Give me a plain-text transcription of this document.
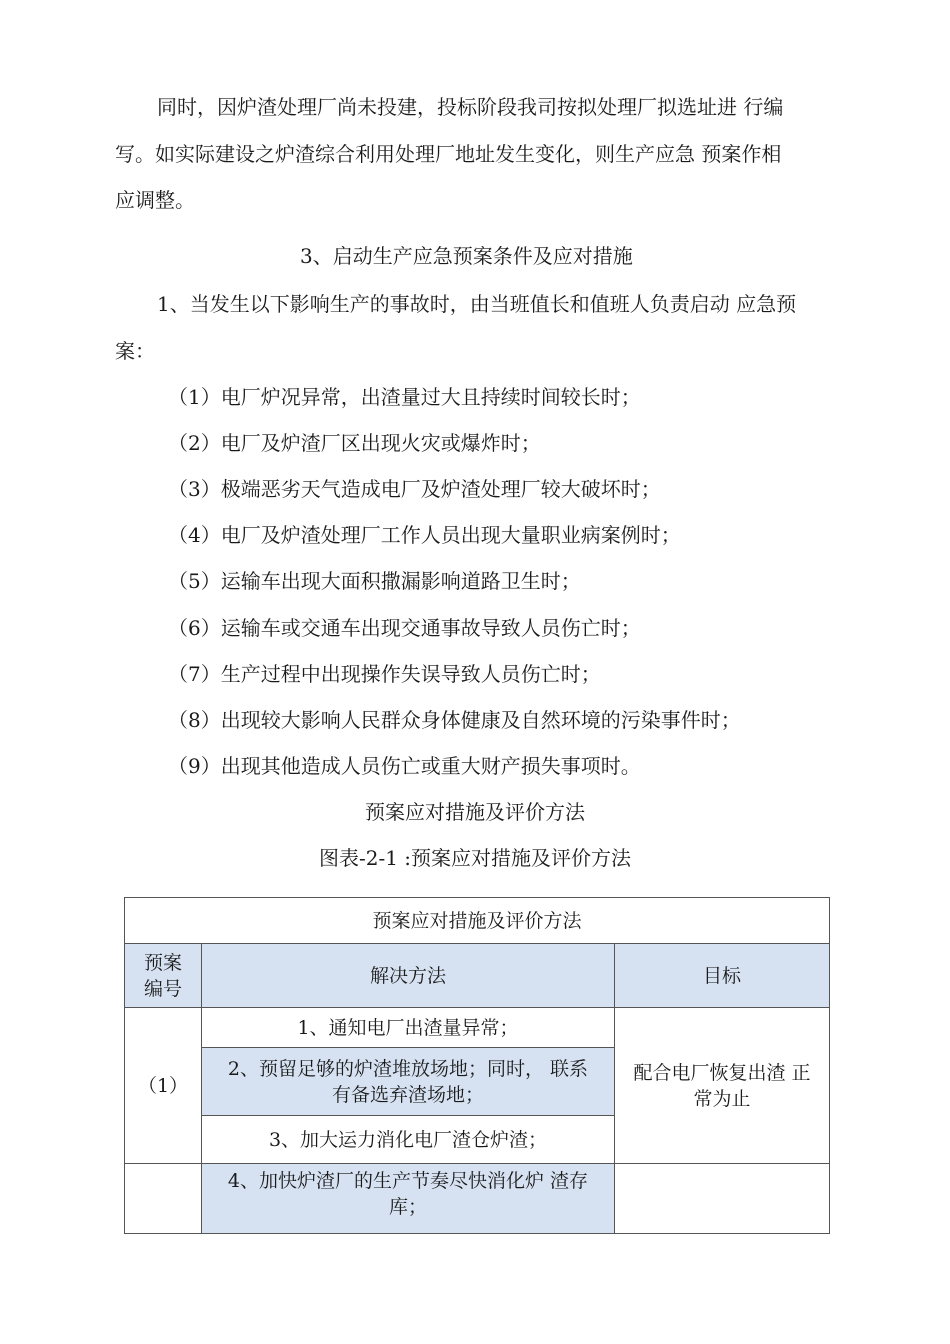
同时，因炉渣处理厂尚未投建，投标阶段我司按拟处理厂拟选址进 行编
写。如实际建设之炉渣综合利用处理厂地址发生变化，则生产应急 预案作相
应调整。
3、启动生产应急预案条件及应对措施
1、当发生以下影响生产的事故时，由当班值长和值班人负责启动 应急预
案：
（1）电厂炉况异常，出渣量过大且持续时间较长时；
（2）电厂及炉渣厂区出现火灾或爆炸时；
（3）极端恶劣天气造成电厂及炉渣处理厂较大破坏时；
（4）电厂及炉渣处理厂工作人员出现大量职业病案例时；
（5）运输车出现大面积撒漏影响道路卫生时；
（6）运输车或交通车出现交通事故导致人员伤亡时；
（7）生产过程中出现操作失误导致人员伤亡时；
（8）出现较大影响人民群众身体健康及自然环境的污染事件时；
（9）出现其他造成人员伤亡或重大财产损失事项时。
预案应对措施及评价方法
图表-2-1 :预案应对措施及评价方法
预案应对措施及评价方法		

预案
编号	解决方法	目标
（1）	1、通知电厂出渣量异常；	配合电厂恢复出渣 正
常为止

	2、预留足够的炉渣堆放场地；同时， 联系
有备选弃渣场地；	

	3、加大运力消化电厂渣仓炉渣；	

	4、加快炉渣厂的生产节奏尽快消化炉 渣存
库；	
